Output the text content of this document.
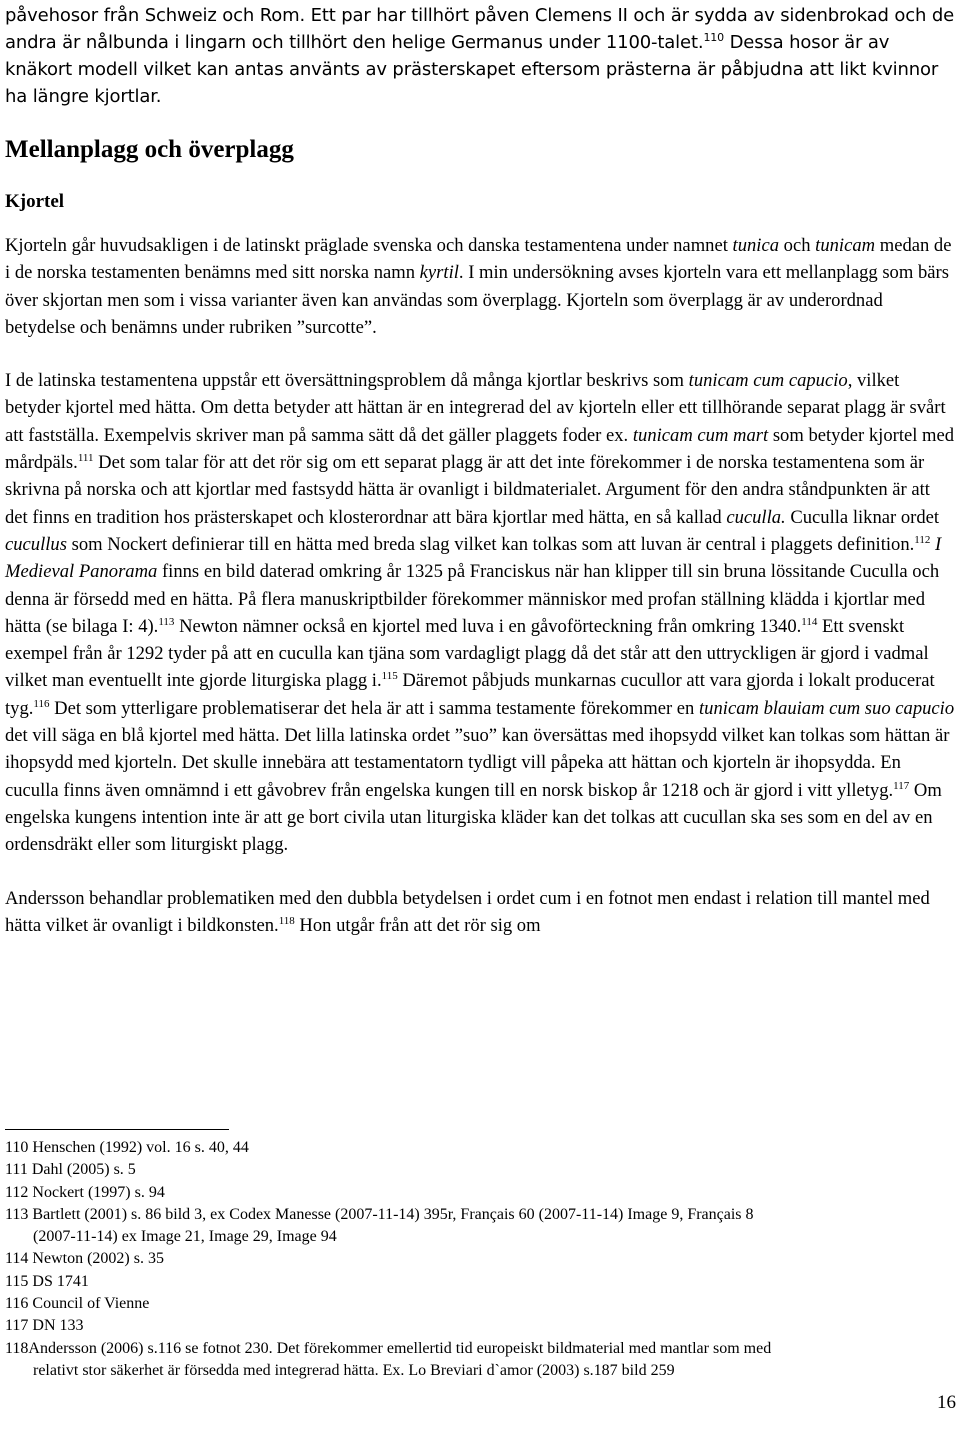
påvehosor från Schweiz och Rom. Ett par har tillhört påven Clemens II och är sydda av sidenbrokad och de andra är nålbunda i lingarn och tillhört den helige Germanus under 1100-talet.$^{110}$ Dessa hosor är av knäkort modell vilket kan antas använts av prästerskapet eftersom prästerna är påbjudna att likt kvinnor ha längre kjortlar.

Mellanplagg och överplagg
Kjortel

Kjorteln går huvudsakligen i de latinskt präglade svenska och danska testamentena under namnet tunica och tunicam medan de i de norska testamenten benämns med sitt norska namn kyrtil. I min undersökning avses kjorteln vara ett mellanplagg som bärs över skjortan men som i vissa varianter även kan användas som överplagg. Kjorteln som överplagg är av underordnad betydelse och benämns under rubriken ”surcotte”.

I de latinska testamentena uppstår ett översättningsproblem då många kjortlar beskrivs som tunicam cum capucio, vilket betyder kjortel med hätta. Om detta betyder att hättan är en integrerad del av kjorteln eller ett tillhörande separat plagg är svårt att fastställa. Exempelvis skriver man på samma sätt då det gäller plaggets foder ex. tunicam cum mart som betyder kjortel med mårdpäls.$^{111}$ Det som talar för att det rör sig om ett separat plagg är att det inte förekommer i de norska testamentena som är skrivna på norska och att kjortlar med fastsydd hätta är ovanligt i bildmaterialet. Argument för den andra ståndpunkten är att det finns en tradition hos prästerskapet och klosterordnar att bära kjortlar med hätta, en så kallad cuculla. Cuculla liknar ordet cucullus som Nockert definierar till en hätta med breda slag vilket kan tolkas som att luvan är central i plaggets definition.$^{112}$ I Medieval Panorama finns en bild daterad omkring år 1325 på Franciskus när han klipper till sin bruna lössitande Cuculla och denna är försedd med en hätta. På flera manuskriptbilder förekommer människor med profan ställning klädda i kjortlar med hätta (se bilaga I: 4).$^{113}$ Newton nämner också en kjortel med luva i en gåvoförteckning från omkring 1340.$^{114}$ Ett svenskt exempel från år 1292 tyder på att en cuculla kan tjäna som vardagligt plagg då det står att den uttryckligen är gjord i vadmal vilket man eventuellt inte gjorde liturgiska plagg i.$^{115}$ Däremot påbjuds munkarnas cucullor att vara gjorda i lokalt producerat tyg.$^{116}$ Det som ytterligare problematiserar det hela är att i samma testamente förekommer en tunicam blauiam cum suo capucio det vill säga en blå kjortel med hätta. Det lilla latinska ordet ”suo” kan översättas med ihopsydd vilket kan tolkas som hättan är ihopsydd med kjorteln. Det skulle innebära att testamentatorn tydligt vill påpeka att hättan och kjorteln är ihopsydda. En cuculla finns även omnämnd i ett gåvobrev från engelska kungen till en norsk biskop år 1218 och är gjord i vitt ylletyg.$^{117}$ Om engelska kungens intention inte är att ge bort civila utan liturgiska kläder kan det tolkas att cucullan ska ses som en del av en ordensdräkt eller som liturgiskt plagg.

Andersson behandlar problematiken med den dubbla betydelsen i ordet cum i en fotnot men endast i relation till mantel med hätta vilket är ovanligt i bildkonsten.$^{118}$ Hon utgår från att det rör sig om

110 Henschen (1992) vol. 16 s. 40, 44
111 Dahl (2005) s. 5
112 Nockert (1997) s. 94
113 Bartlett (2001) s. 86 bild 3, ex Codex Manesse (2007-11-14) 395r, Français 60 (2007-11-14) Image 9, Français 8
(2007-11-14) ex Image 21, Image 29, Image 94
114 Newton (2002) s. 35
115 DS 1741
116 Council of Vienne
117 DN 133
118Andersson (2006) s.116 se fotnot 230. Det förekommer emellertid tid europeiskt bildmaterial med mantlar som med
relativt stor säkerhet är försedda med integrerad hätta. Ex. Lo Breviari d`amor (2003) s.187 bild 259
16
